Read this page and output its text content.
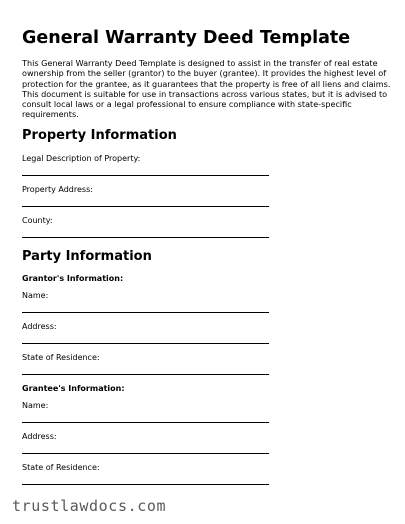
General Warranty Deed Template

This General Warranty Deed Template is designed to assist in the transfer of real estate ownership from the seller (grantor) to the buyer (grantee). It provides the highest level of protection for the grantee, as it guarantees that the property is free of all liens and claims. This document is suitable for use in transactions across various states, but it is advised to consult local laws or a legal professional to ensure compliance with state-specific requirements.

Property Information

Legal Description of Property:

Property Address:

County:

Party Information

Grantor's Information:

Name:

Address:

State of Residence:

Grantee's Information:

Name:

Address:

State of Residence:

trustlawdocs.com
